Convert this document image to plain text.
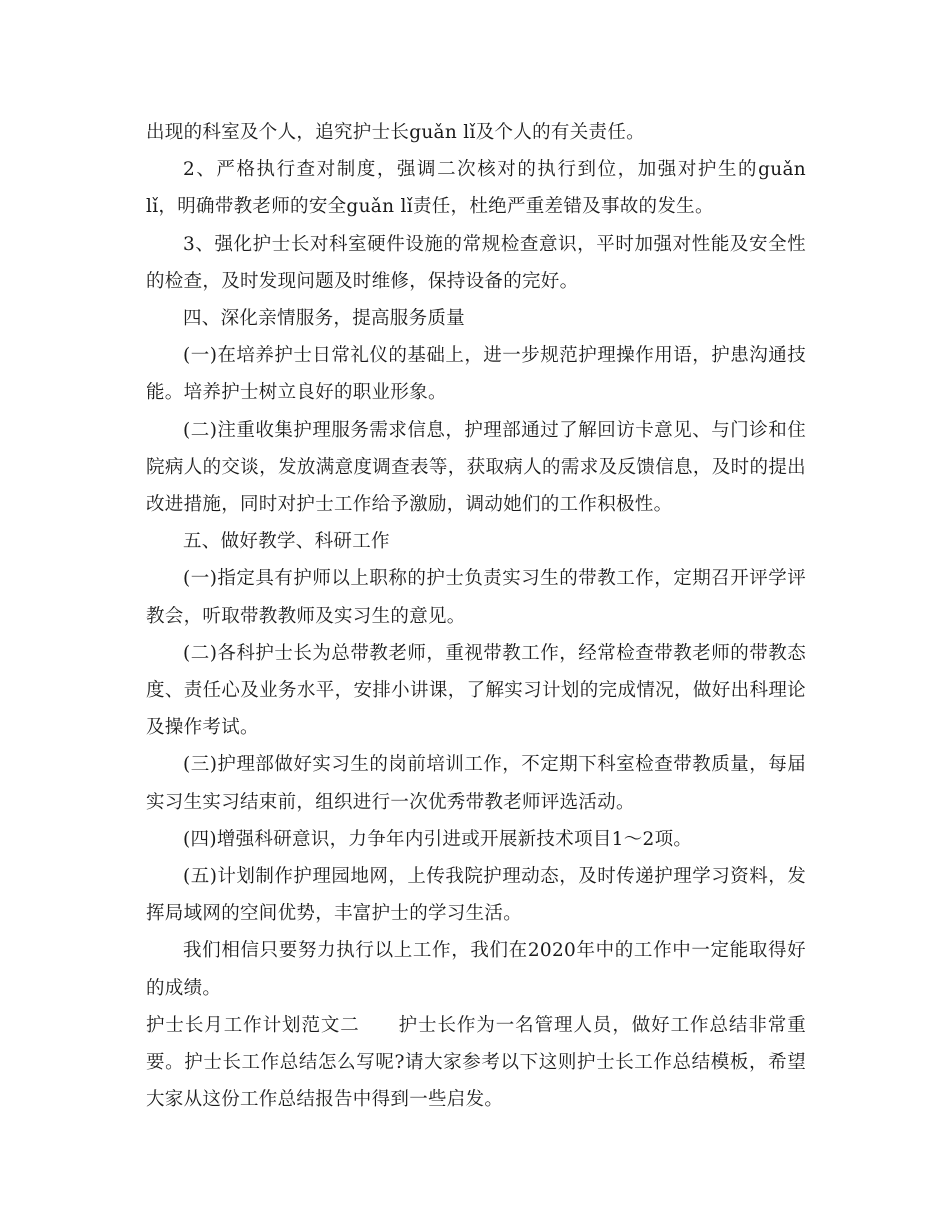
出现的科室及个人，追究护士长guǎn lǐ及个人的有关责任。

2、严格执行查对制度，强调二次核对的执行到位，加强对护生的guǎn lǐ，明确带教老师的安全guǎn lǐ责任，杜绝严重差错及事故的发生。

3、强化护士长对科室硬件设施的常规检查意识，平时加强对性能及安全性的检查，及时发现问题及时维修，保持设备的完好。

四、深化亲情服务，提高服务质量

(一)在培养护士日常礼仪的基础上，进一步规范护理操作用语，护患沟通技能。培养护士树立良好的职业形象。

(二)注重收集护理服务需求信息，护理部通过了解回访卡意见、与门诊和住院病人的交谈，发放满意度调查表等，获取病人的需求及反馈信息，及时的提出改进措施，同时对护士工作给予激励，调动她们的工作积极性。

五、做好教学、科研工作

(一)指定具有护师以上职称的护士负责实习生的带教工作，定期召开评学评教会，听取带教教师及实习生的意见。

(二)各科护士长为总带教老师，重视带教工作，经常检查带教老师的带教态度、责任心及业务水平，安排小讲课，了解实习计划的完成情况，做好出科理论及操作考试。

(三)护理部做好实习生的岗前培训工作，不定期下科室检查带教质量，每届实习生实习结束前，组织进行一次优秀带教老师评选活动。

(四)增强科研意识，力争年内引进或开展新技术项目1～2项。

(五)计划制作护理园地网，上传我院护理动态，及时传递护理学习资料，发挥局域网的空间优势，丰富护士的学习生活。

我们相信只要努力执行以上工作，我们在2020年中的工作中一定能取得好的成绩。

护士长月工作计划范文二　　护士长作为一名管理人员，做好工作总结非常重要。护士长工作总结怎么写呢?请大家参考以下这则护士长工作总结模板，希望大家从这份工作总结报告中得到一些启发。
